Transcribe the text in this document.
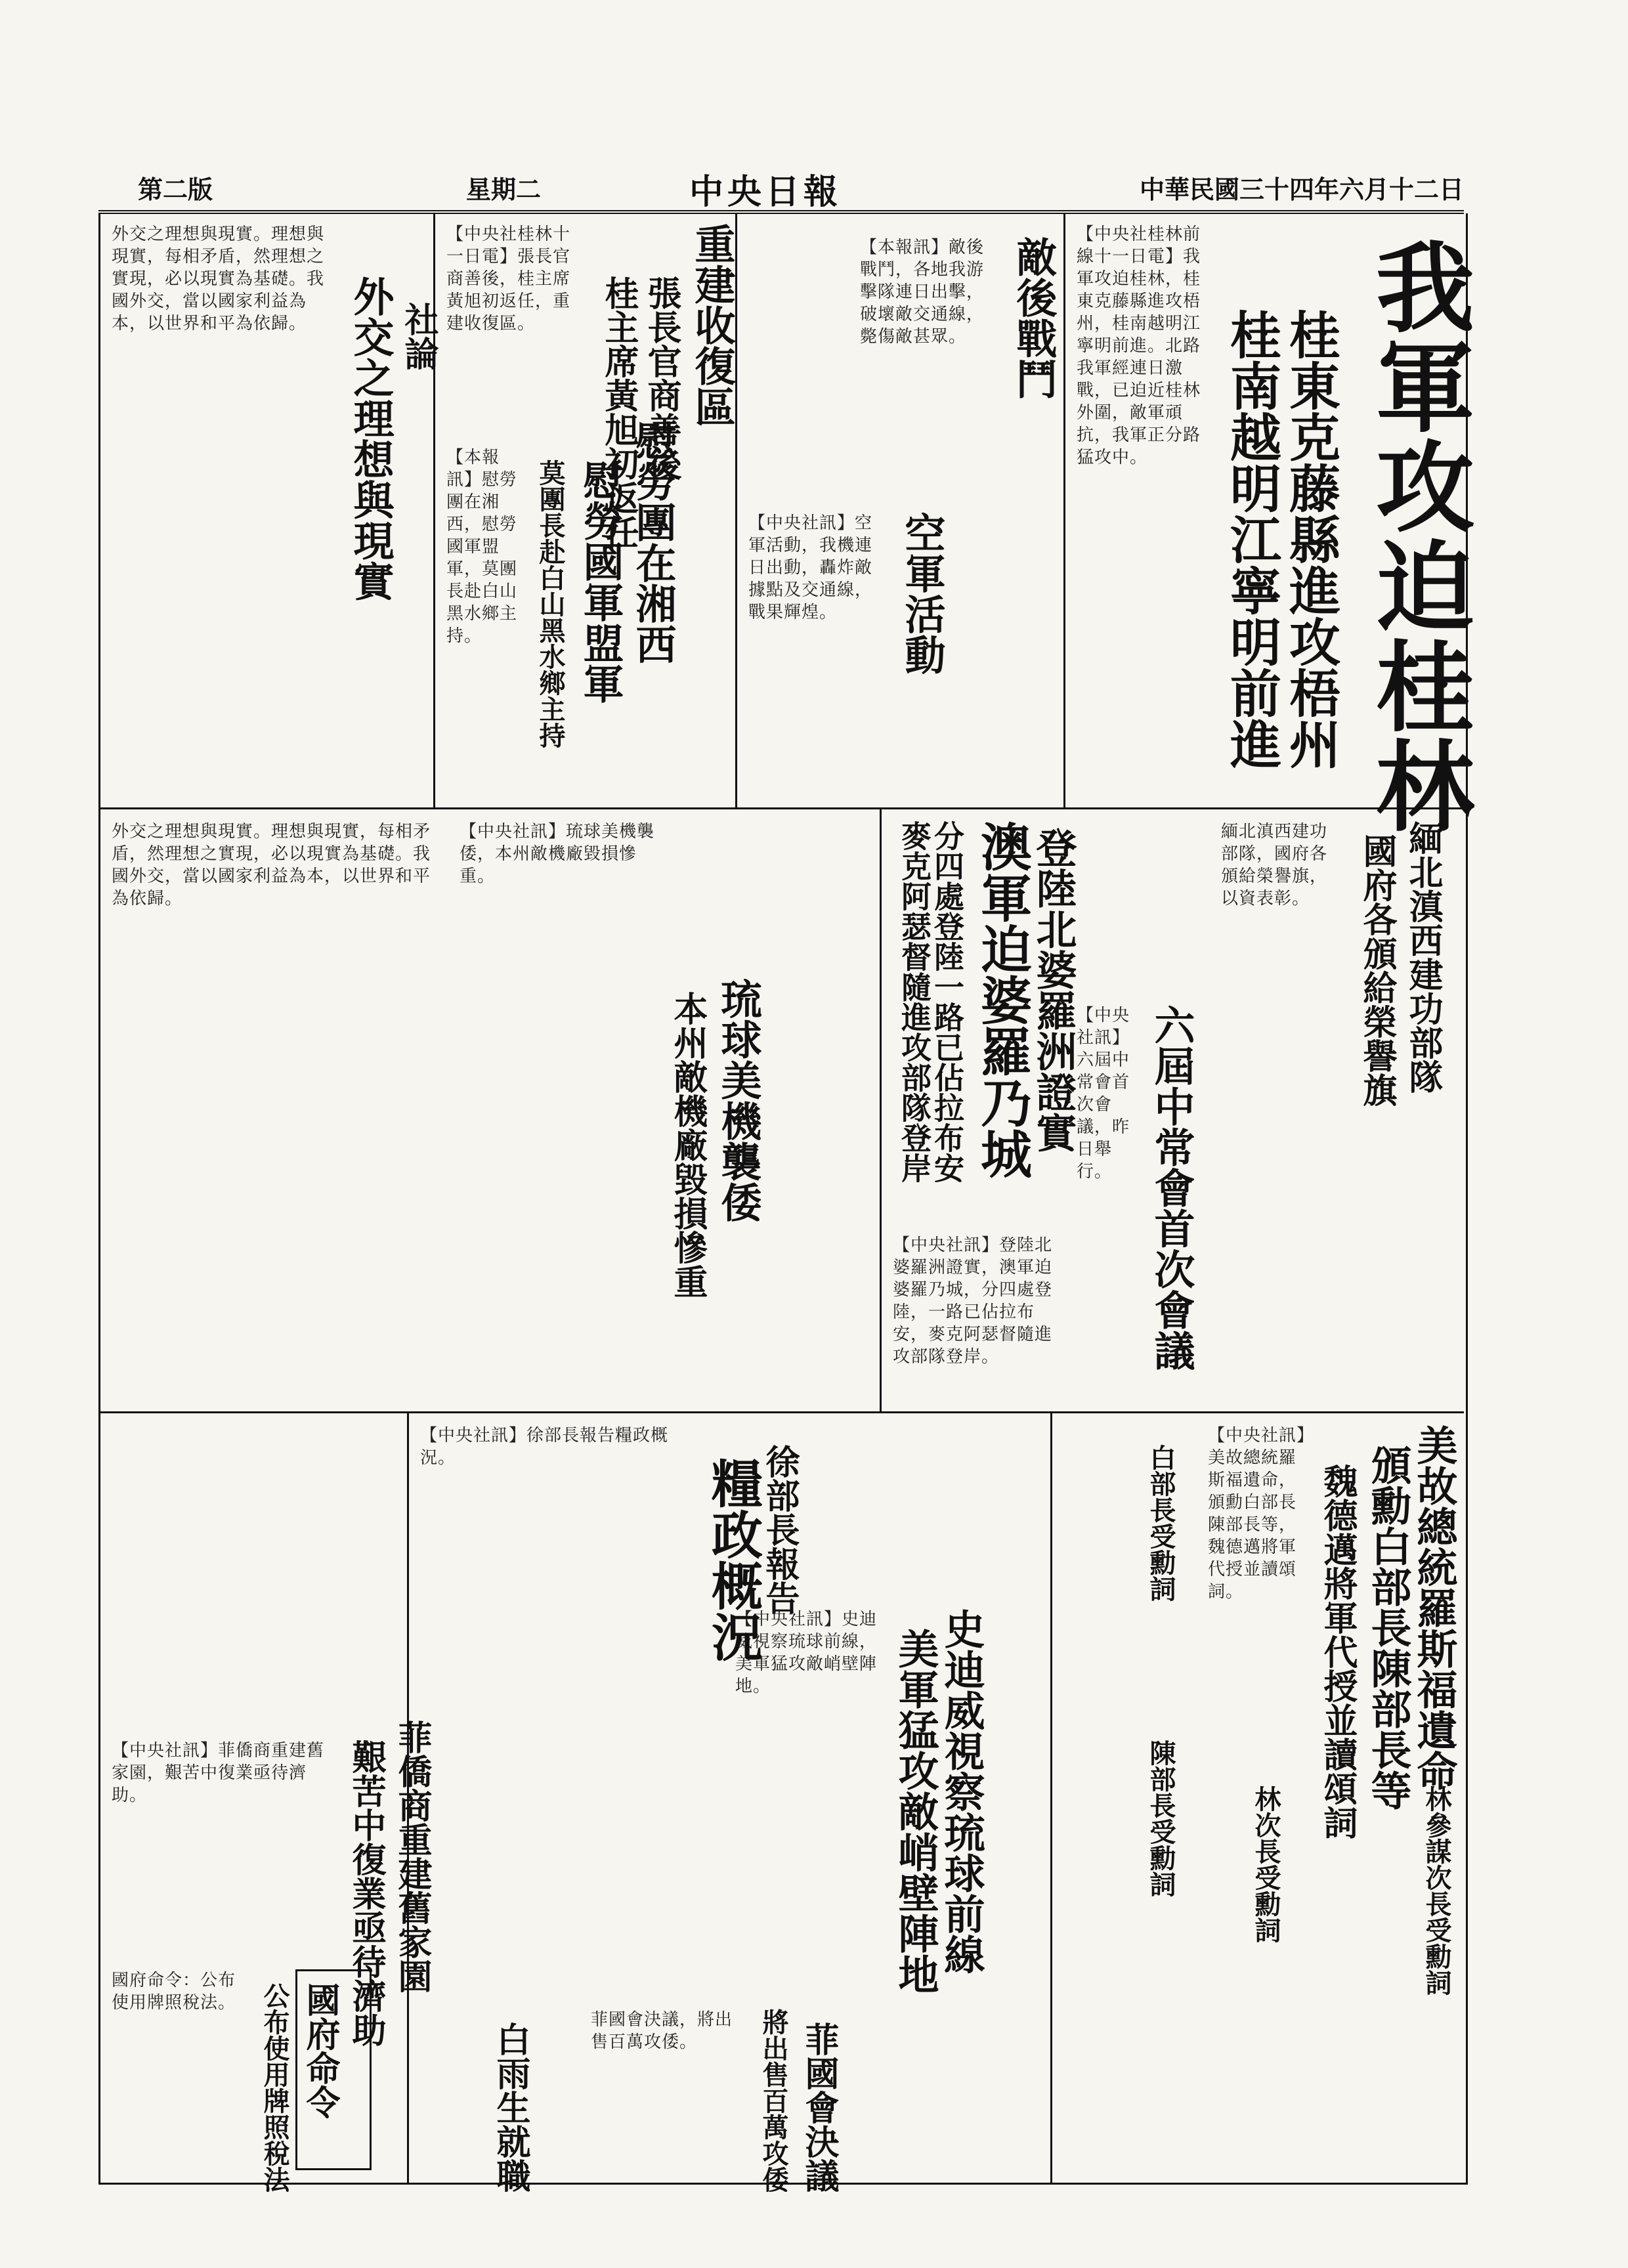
中華民國三十四年六月十二日
中央日報
星期二
第二版
我軍攻迫桂林
桂東克藤縣進攻梧州
桂南越明江寧明前進
【中央社桂林前線十一日電】我軍攻迫桂林，桂東克藤縣進攻梧州，桂南越明江寧明前進。北路我軍經連日激戰，已迫近桂林外圍，敵軍頑抗，我軍正分路猛攻中。
敵後戰鬥
【本報訊】敵後戰鬥，各地我游擊隊連日出擊，破壞敵交通線，斃傷敵甚眾。
空軍活動
【中央社訊】空軍活動，我機連日出動，轟炸敵據點及交通線，戰果輝煌。
重建收復區
張長官商善後
桂主席黃旭初返任
【中央社桂林十一日電】張長官商善後，桂主席黃旭初返任，重建收復區。
慰勞團在湘西
慰勞國軍盟軍
莫團長赴白山黑水鄉主持
【本報訊】慰勞團在湘西，慰勞國軍盟軍，莫團長赴白山黑水鄉主持。
社論
外交之理想與現實
外交之理想與現實。理想與現實，每相矛盾，然理想之實現，必以現實為基礎。我國外交，當以國家利益為本，以世界和平為依歸。
緬北滇西建功部隊
國府各頒給榮譽旗
緬北滇西建功部隊，國府各頒給榮譽旗，以資表彰。
登陸北婆羅洲證實
澳軍迫婆羅乃城
分四處登陸一路已佔拉布安
麥克阿瑟督隨進攻部隊登岸
【中央社訊】登陸北婆羅洲證實，澳軍迫婆羅乃城，分四處登陸，一路已佔拉布安，麥克阿瑟督隨進攻部隊登岸。	六屆中常會首次會議
【中央社訊】六屆中常會首次會議，昨日舉行。
琉球美機襲倭
本州敵機廠毀損慘重
【中央社訊】琉球美機襲倭，本州敵機廠毀損慘重。
外交之理想與現實。理想與現實，每相矛盾，然理想之實現，必以現實為基礎。我國外交，當以國家利益為本，以世界和平為依歸。
美故總統羅斯福遺命
頒勳白部長陳部長等
魏德邁將軍代授並讀頌詞
【中央社訊】美故總統羅斯福遺命，頒勳白部長陳部長等，魏德邁將軍代授並讀頌詞。
白部長受勳詞
陳部長受勳詞	林參謀次長受勳詞
林次長受勳詞
史迪威視察琉球前線
美軍猛攻敵峭壁陣地
【中央社訊】史迪威視察琉球前線，美軍猛攻敵峭壁陣地。
徐部長報告
糧政概況
【中央社訊】徐部長報告糧政概況。
菲僑商重建舊家園
艱苦中復業亟待濟助
【中央社訊】菲僑商重建舊家園，艱苦中復業亟待濟助。
菲國會決議
將出售百萬攻倭
菲國會決議，將出售百萬攻倭。
白雨生就職
國府命令
公布使用牌照稅法
國府命令：公布使用牌照稅法。
